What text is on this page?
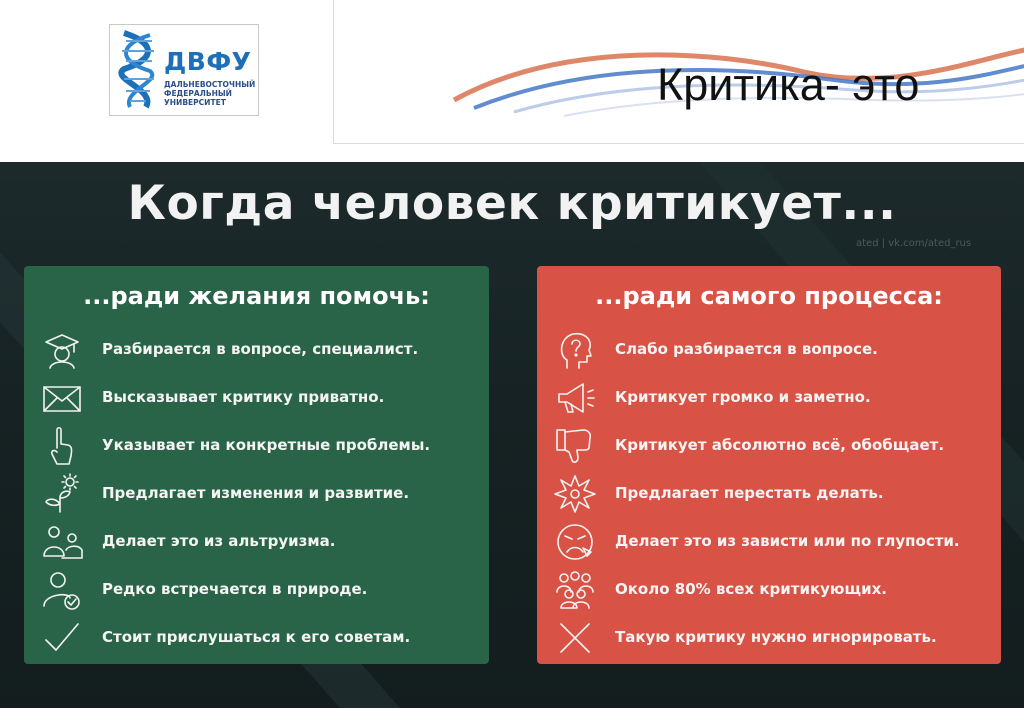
ДВФУ
ДАЛЬНЕВОСТОЧНЫЙ
ФЕДЕРАЛЬНЫЙ
УНИВЕРСИТЕТ	Критика- это
Когда человек критикует...
ated | vk.com/ated_rus
...ради желания помочь:
Разбирается в вопросе, специалист.
Высказывает критику приватно.
Указывает на конкретные проблемы.
Предлагает изменения и развитие.
Делает это из альтруизма.
Редко встречается в природе.
Стоит прислушаться к его советам.
...ради самого процесса:
Слабо разбирается в вопросе.
Критикует громко и заметно.
Критикует абсолютно всё, обобщает.
Предлагает перестать делать.
Делает это из зависти или по глупости.
Около 80% всех критикующих.
Такую критику нужно игнорировать.
